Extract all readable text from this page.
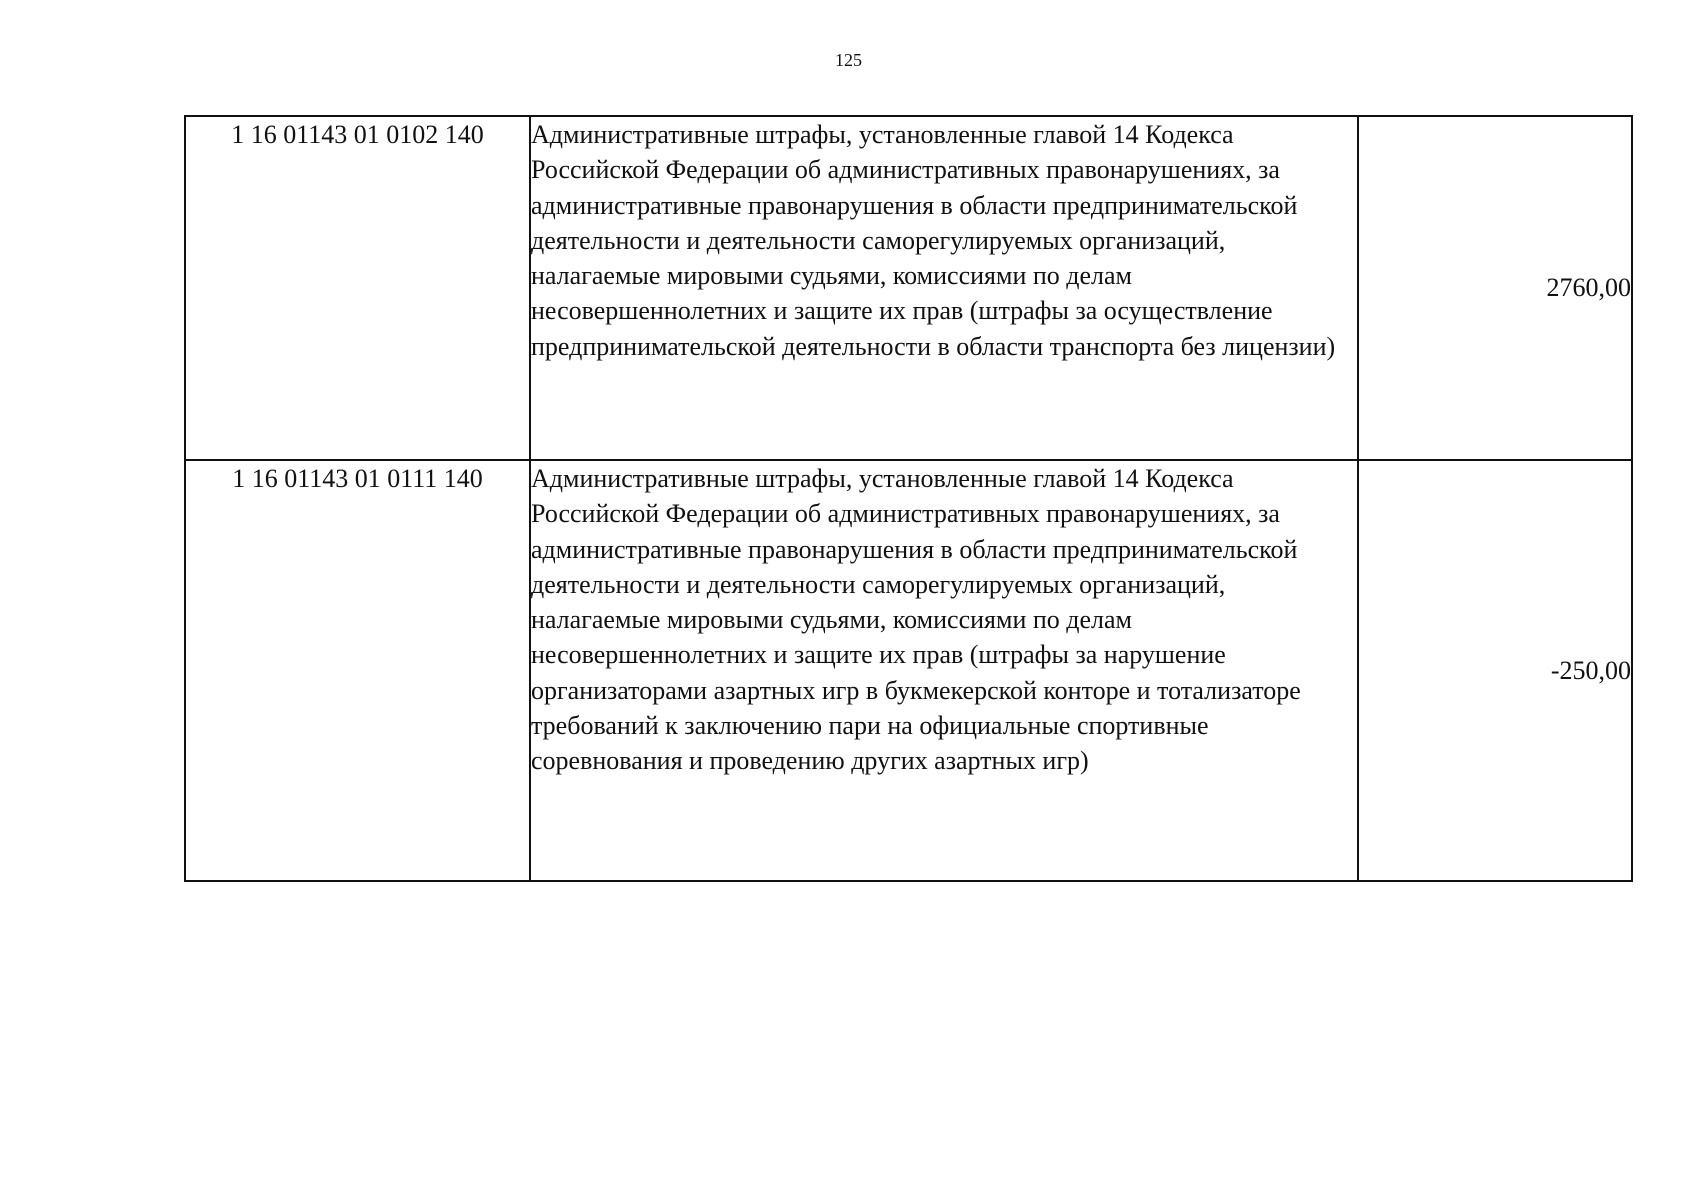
125
1 16 01143 01 0102 140	Административные штрафы, установленные главой 14 Кодекса Российской Федерации об административных правонарушениях, за административные правонарушения в области предпринимательской деятельности и деятельности саморегулируемых организаций, налагаемые мировыми судьями, комиссиями по делам несовершеннолетних и защите их прав (штрафы за осуществление предпринимательской деятельности в области транспорта без лицензии)	2760,00
1 16 01143 01 0111 140	Административные штрафы, установленные главой 14 Кодекса Российской Федерации об административных правонарушениях, за административные правонарушения в области предпринимательской деятельности и деятельности саморегулируемых организаций, налагаемые мировыми судьями, комиссиями по делам несовершеннолетних и защите их прав (штрафы за нарушение организаторами азартных игр в букмекерской конторе и тотализаторе требований к заключению пари на официальные спортивные соревнования и проведению других азартных игр)	-250,00
